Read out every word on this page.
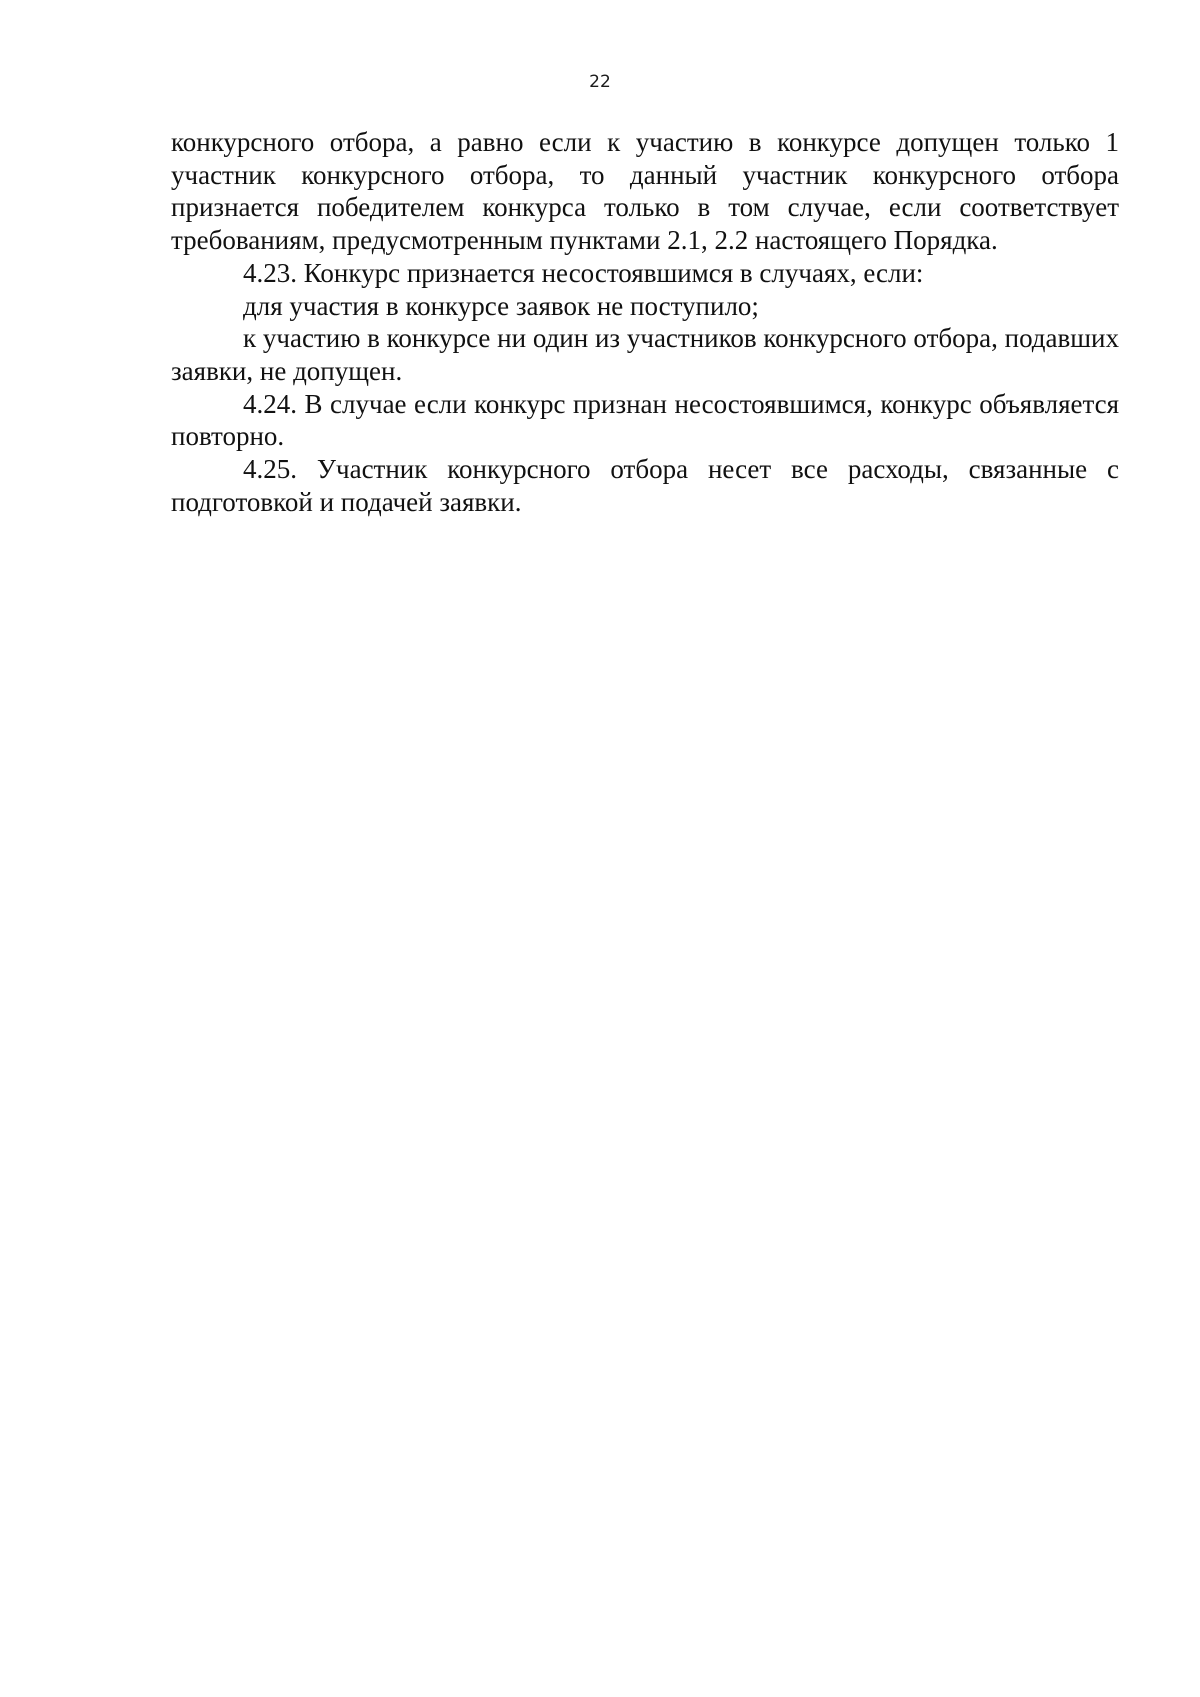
22

конкурсного отбора, а равно если к участию в конкурсе допущен только 1 участник конкурсного отбора, то данный участник конкурсного отбора признается победителем конкурса только в том случае, если соответствует требованиям, предусмотренным пунктами 2.1, 2.2 настоящего Порядка.

4.23. Конкурс признается несостоявшимся в случаях, если:

для участия в конкурсе заявок не поступило;

к участию в конкурсе ни один из участников конкурсного отбора, подавших заявки, не допущен.

4.24. В случае если конкурс признан несостоявшимся, конкурс объявляется повторно.

4.25. Участник конкурсного отбора несет все расходы, связанные с подготовкой и подачей заявки.
